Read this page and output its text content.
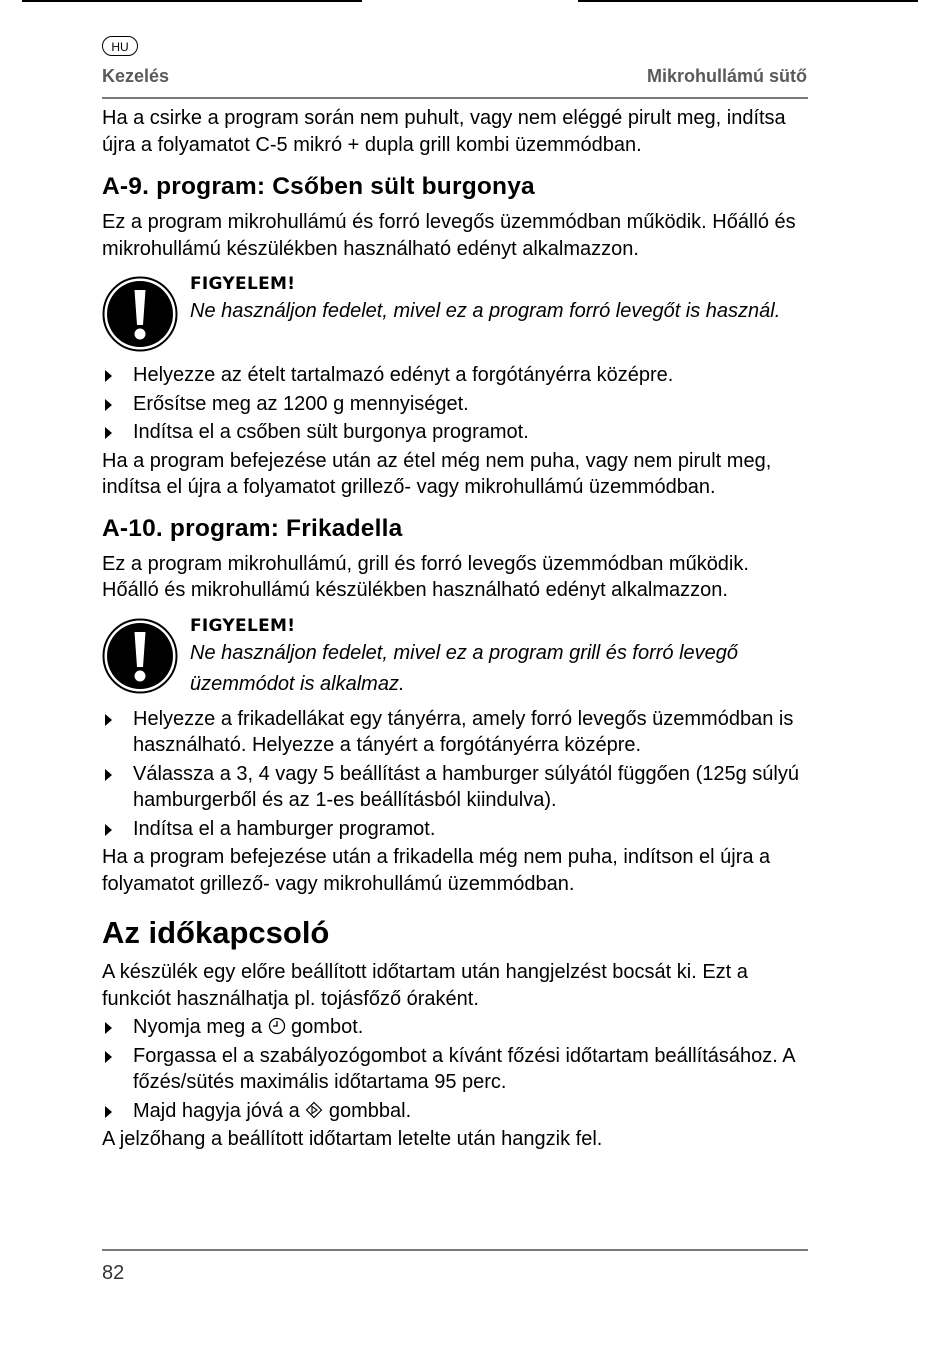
HU
Kezelés	Mikrohullámú sütő

Ha a csirke a program során nem puhult, vagy nem eléggé pirult meg, indítsa újra a folyamatot C-5 mikró + dupla grill kombi üzemmódban.

A-9. program: Csőben sült burgonya

Ez a program mikrohullámú és forró levegős üzemmódban működik. Hőálló és mikrohullámú készülékben használható edényt alkalmazzon.

FIGYELEM!
Ne használjon fedelet, mivel ez a program forró levegőt is használ.
Helyezze az ételt tartalmazó edényt a forgótányérra középre.
Erősítse meg az 1200 g mennyiséget.
Indítsa el a csőben sült burgonya programot.

Ha a program befejezése után az étel még nem puha, vagy nem pirult meg, indítsa el újra a folyamatot grillező- vagy mikrohullámú üzemmódban.

A-10. program: Frikadella

Ez a program mikrohullámú, grill és forró levegős üzemmódban működik. Hőálló és mikrohullámú készülékben használható edényt alkalmazzon.

FIGYELEM!
Ne használjon fedelet, mivel ez a program grill és forró levegő üzemmódot is alkalmaz.
Helyezze a frikadellákat egy tányérra, amely forró levegős üzemmódban is használható. Helyezze a tányért a forgótányérra középre.
Válassza a 3, 4 vagy 5 beállítást a hamburger súlyától függően (125g súlyú hamburgerből és az 1-es beállításból kiindulva).
Indítsa el a hamburger programot.

Ha a program befejezése után a frikadella még nem puha, indítson el újra a folyamatot grillező- vagy mikrohullámú üzemmódban.

Az időkapcsoló

A készülék egy előre beállított időtartam után hangjelzést bocsát ki. Ezt a funkciót használhatja pl. tojásfőző óraként.

Nyomja meg a  gombot.
Forgassa el a szabályozógombot a kívánt főzési időtartam beállításához. A főzés/sütés maximális időtartama 95 perc.
Majd hagyja jóvá a  gombbal.

A jelzőhang a beállított időtartam letelte után hangzik fel.

82
